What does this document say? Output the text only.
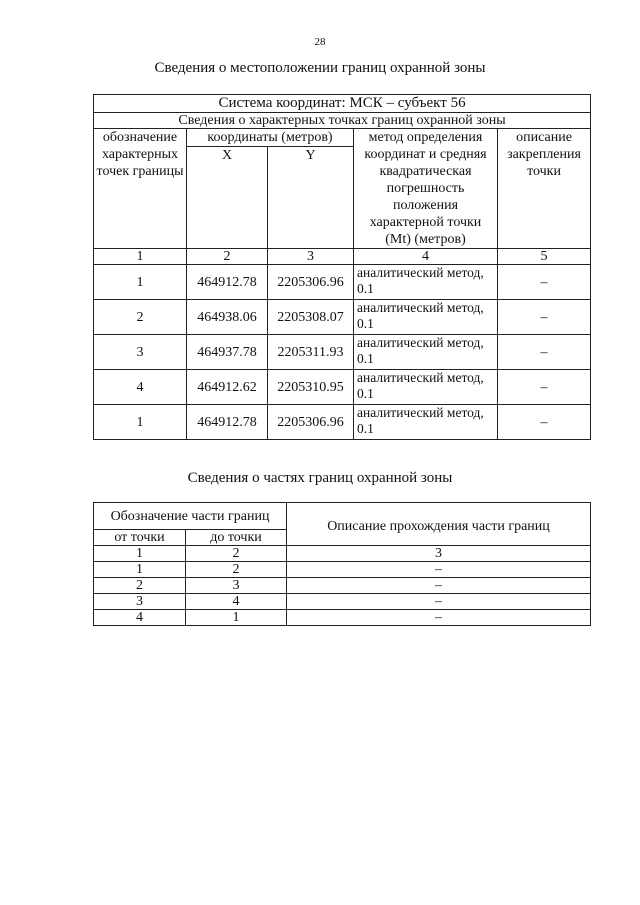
28
Сведения о местоположении границ охранной зоны
Система координат: МСК – субъект 56				
Сведения о характерных точках границ охранной зоны				
обозначение характерных точек границы	координаты (метров)		метод определения координат и средняя квадратическая погрешность положения характерной точки (Mt) (метров)	описание закрепления точки
	X	Y		
1	2	3	4	5
1	464912.78	2205306.96	аналитический метод, 0.1	–
2	464938.06	2205308.07	аналитический метод, 0.1	–
3	464937.78	2205311.93	аналитический метод, 0.1	–
4	464912.62	2205310.95	аналитический метод, 0.1	–
1	464912.78	2205306.96	аналитический метод, 0.1	–
Сведения о частях границ охранной зоны
Обозначение части границ		Описание прохождения части границ
от точки	до точки	
1	2	3
1	2	–
2	3	–
3	4	–
4	1	–
